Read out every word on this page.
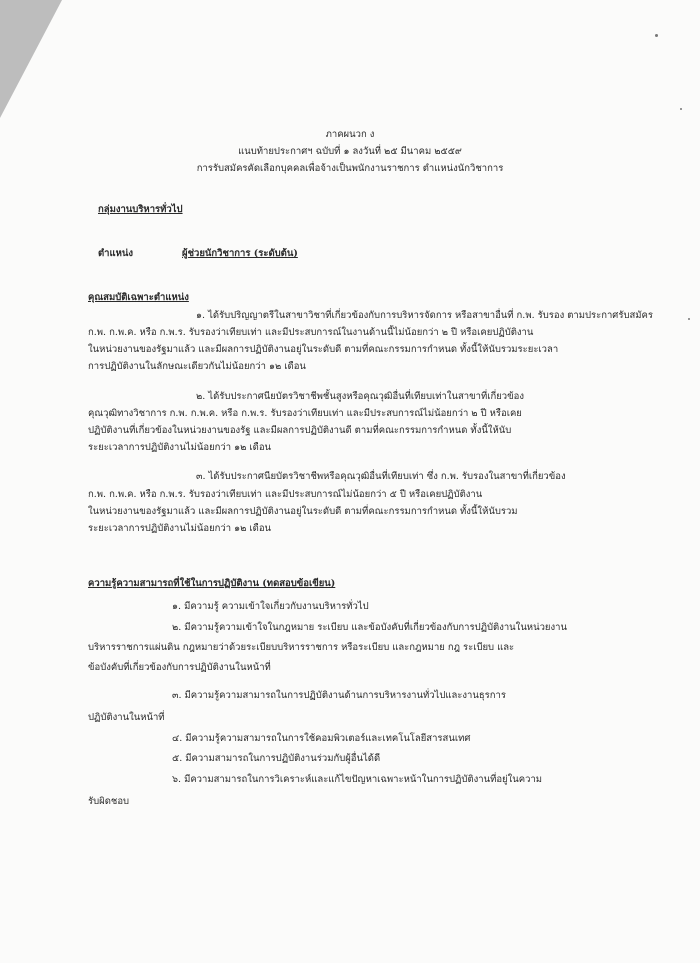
ภาคผนวก ง
แนบท้ายประกาศฯ ฉบับที่ ๑ ลงวันที่ ๒๕ มีนาคม ๒๕๕๙
การรับสมัครคัดเลือกบุคคลเพื่อจ้างเป็นพนักงานราชการ ตำแหน่งนักวิชาการ
กลุ่มงานบริหารทั่วไป
ตำแหน่ง	ผู้ช่วยนักวิชาการ (ระดับต้น)
คุณสมบัติเฉพาะตำแหน่ง
๑. ได้รับปริญญาตรีในสาขาวิชาที่เกี่ยวข้องกับการบริหารจัดการ หรือสาขาอื่นที่ ก.พ. รับรอง ตามประกาศรับสมัคร
ก.พ. ก.พ.ค. หรือ ก.พ.ร. รับรองว่าเทียบเท่า และมีประสบการณ์ในงานด้านนี้ไม่น้อยกว่า ๒ ปี หรือเคยปฏิบัติงาน
ในหน่วยงานของรัฐมาแล้ว และมีผลการปฏิบัติงานอยู่ในระดับดี ตามที่คณะกรรมการกำหนด ทั้งนี้ให้นับรวมระยะเวลา
การปฏิบัติงานในลักษณะเดียวกันไม่น้อยกว่า ๑๒ เดือน
๒. ได้รับประกาศนียบัตรวิชาชีพชั้นสูงหรือคุณวุฒิอื่นที่เทียบเท่าในสาขาที่เกี่ยวข้อง
คุณวุฒิทางวิชาการ ก.พ. ก.พ.ค. หรือ ก.พ.ร. รับรองว่าเทียบเท่า และมีประสบการณ์ไม่น้อยกว่า ๒ ปี หรือเคย
ปฏิบัติงานที่เกี่ยวข้องในหน่วยงานของรัฐ และมีผลการปฏิบัติงานดี ตามที่คณะกรรมการกำหนด ทั้งนี้ให้นับ
ระยะเวลาการปฏิบัติงานไม่น้อยกว่า ๑๒ เดือน
๓. ได้รับประกาศนียบัตรวิชาชีพหรือคุณวุฒิอื่นที่เทียบเท่า ซึ่ง ก.พ. รับรองในสาขาที่เกี่ยวข้อง
ก.พ. ก.พ.ค. หรือ ก.พ.ร. รับรองว่าเทียบเท่า และมีประสบการณ์ไม่น้อยกว่า ๕ ปี หรือเคยปฏิบัติงาน
ในหน่วยงานของรัฐมาแล้ว และมีผลการปฏิบัติงานอยู่ในระดับดี ตามที่คณะกรรมการกำหนด ทั้งนี้ให้นับรวม
ระยะเวลาการปฏิบัติงานไม่น้อยกว่า ๑๒ เดือน
ความรู้ความสามารถที่ใช้ในการปฏิบัติงาน (ทดสอบข้อเขียน)
๑. มีความรู้ ความเข้าใจเกี่ยวกับงานบริหารทั่วไป
๒. มีความรู้ความเข้าใจในกฎหมาย ระเบียบ และข้อบังคับที่เกี่ยวข้องกับการปฏิบัติงานในหน่วยงาน
บริหารราชการแผ่นดิน กฎหมายว่าด้วยระเบียบบริหารราชการ หรือระเบียบ และกฎหมาย กฎ ระเบียบ และ
ข้อบังคับที่เกี่ยวข้องกับการปฏิบัติงานในหน้าที่
๓. มีความรู้ความสามารถในการปฏิบัติงานด้านการบริหารงานทั่วไปและงานธุรการ
ปฏิบัติงานในหน้าที่
๔. มีความรู้ความสามารถในการใช้คอมพิวเตอร์และเทคโนโลยีสารสนเทศ
๕. มีความสามารถในการปฏิบัติงานร่วมกับผู้อื่นได้ดี
๖. มีความสามารถในการวิเคราะห์และแก้ไขปัญหาเฉพาะหน้าในการปฏิบัติงานที่อยู่ในความ
รับผิดชอบ
